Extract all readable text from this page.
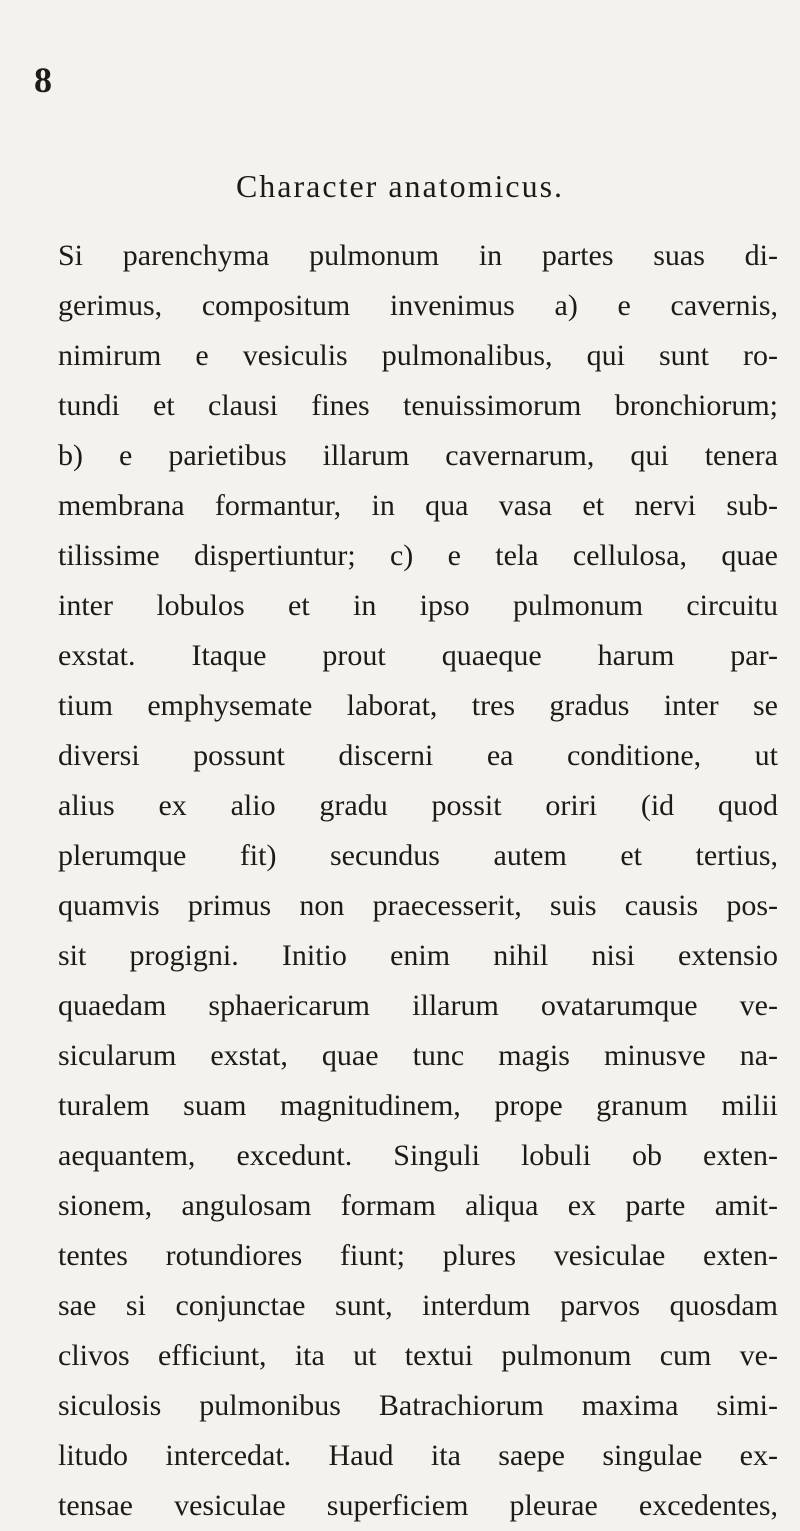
8
Character anatomicus.
Si parenchyma pulmonum in partes suas di-
gerimus, compositum invenimus a) e cavernis,
nimirum e vesiculis pulmonalibus, qui sunt ro-
tundi et clausi fines tenuissimorum bronchiorum;
b) e parietibus illarum cavernarum, qui tenera
membrana formantur, in qua vasa et nervi sub-
tilissime dispertiuntur; c) e tela cellulosa, quae
inter lobulos et in ipso pulmonum circuitu
exstat. Itaque prout quaeque harum par-
tium emphysemate laborat, tres gradus inter se
diversi possunt discerni ea conditione, ut
alius ex alio gradu possit oriri (id quod
plerumque fit) secundus autem et tertius,
quamvis primus non praecesserit, suis causis pos-
sit progigni. Initio enim nihil nisi extensio
quaedam sphaericarum illarum ovatarumque ve-
sicularum exstat, quae tunc magis minusve na-
turalem suam magnitudinem, prope granum milii
aequantem, excedunt. Singuli lobuli ob exten-
sionem, angulosam formam aliqua ex parte amit-
tentes rotundiores fiunt; plures vesiculae exten-
sae si conjunctae sunt, interdum parvos quosdam
clivos efficiunt, ita ut textui pulmonum cum ve-
siculosis pulmonibus Batrachiorum maxima simi-
litudo intercedat. Haud ita saepe singulae ex-
tensae vesiculae superficiem pleurae excedentes,
